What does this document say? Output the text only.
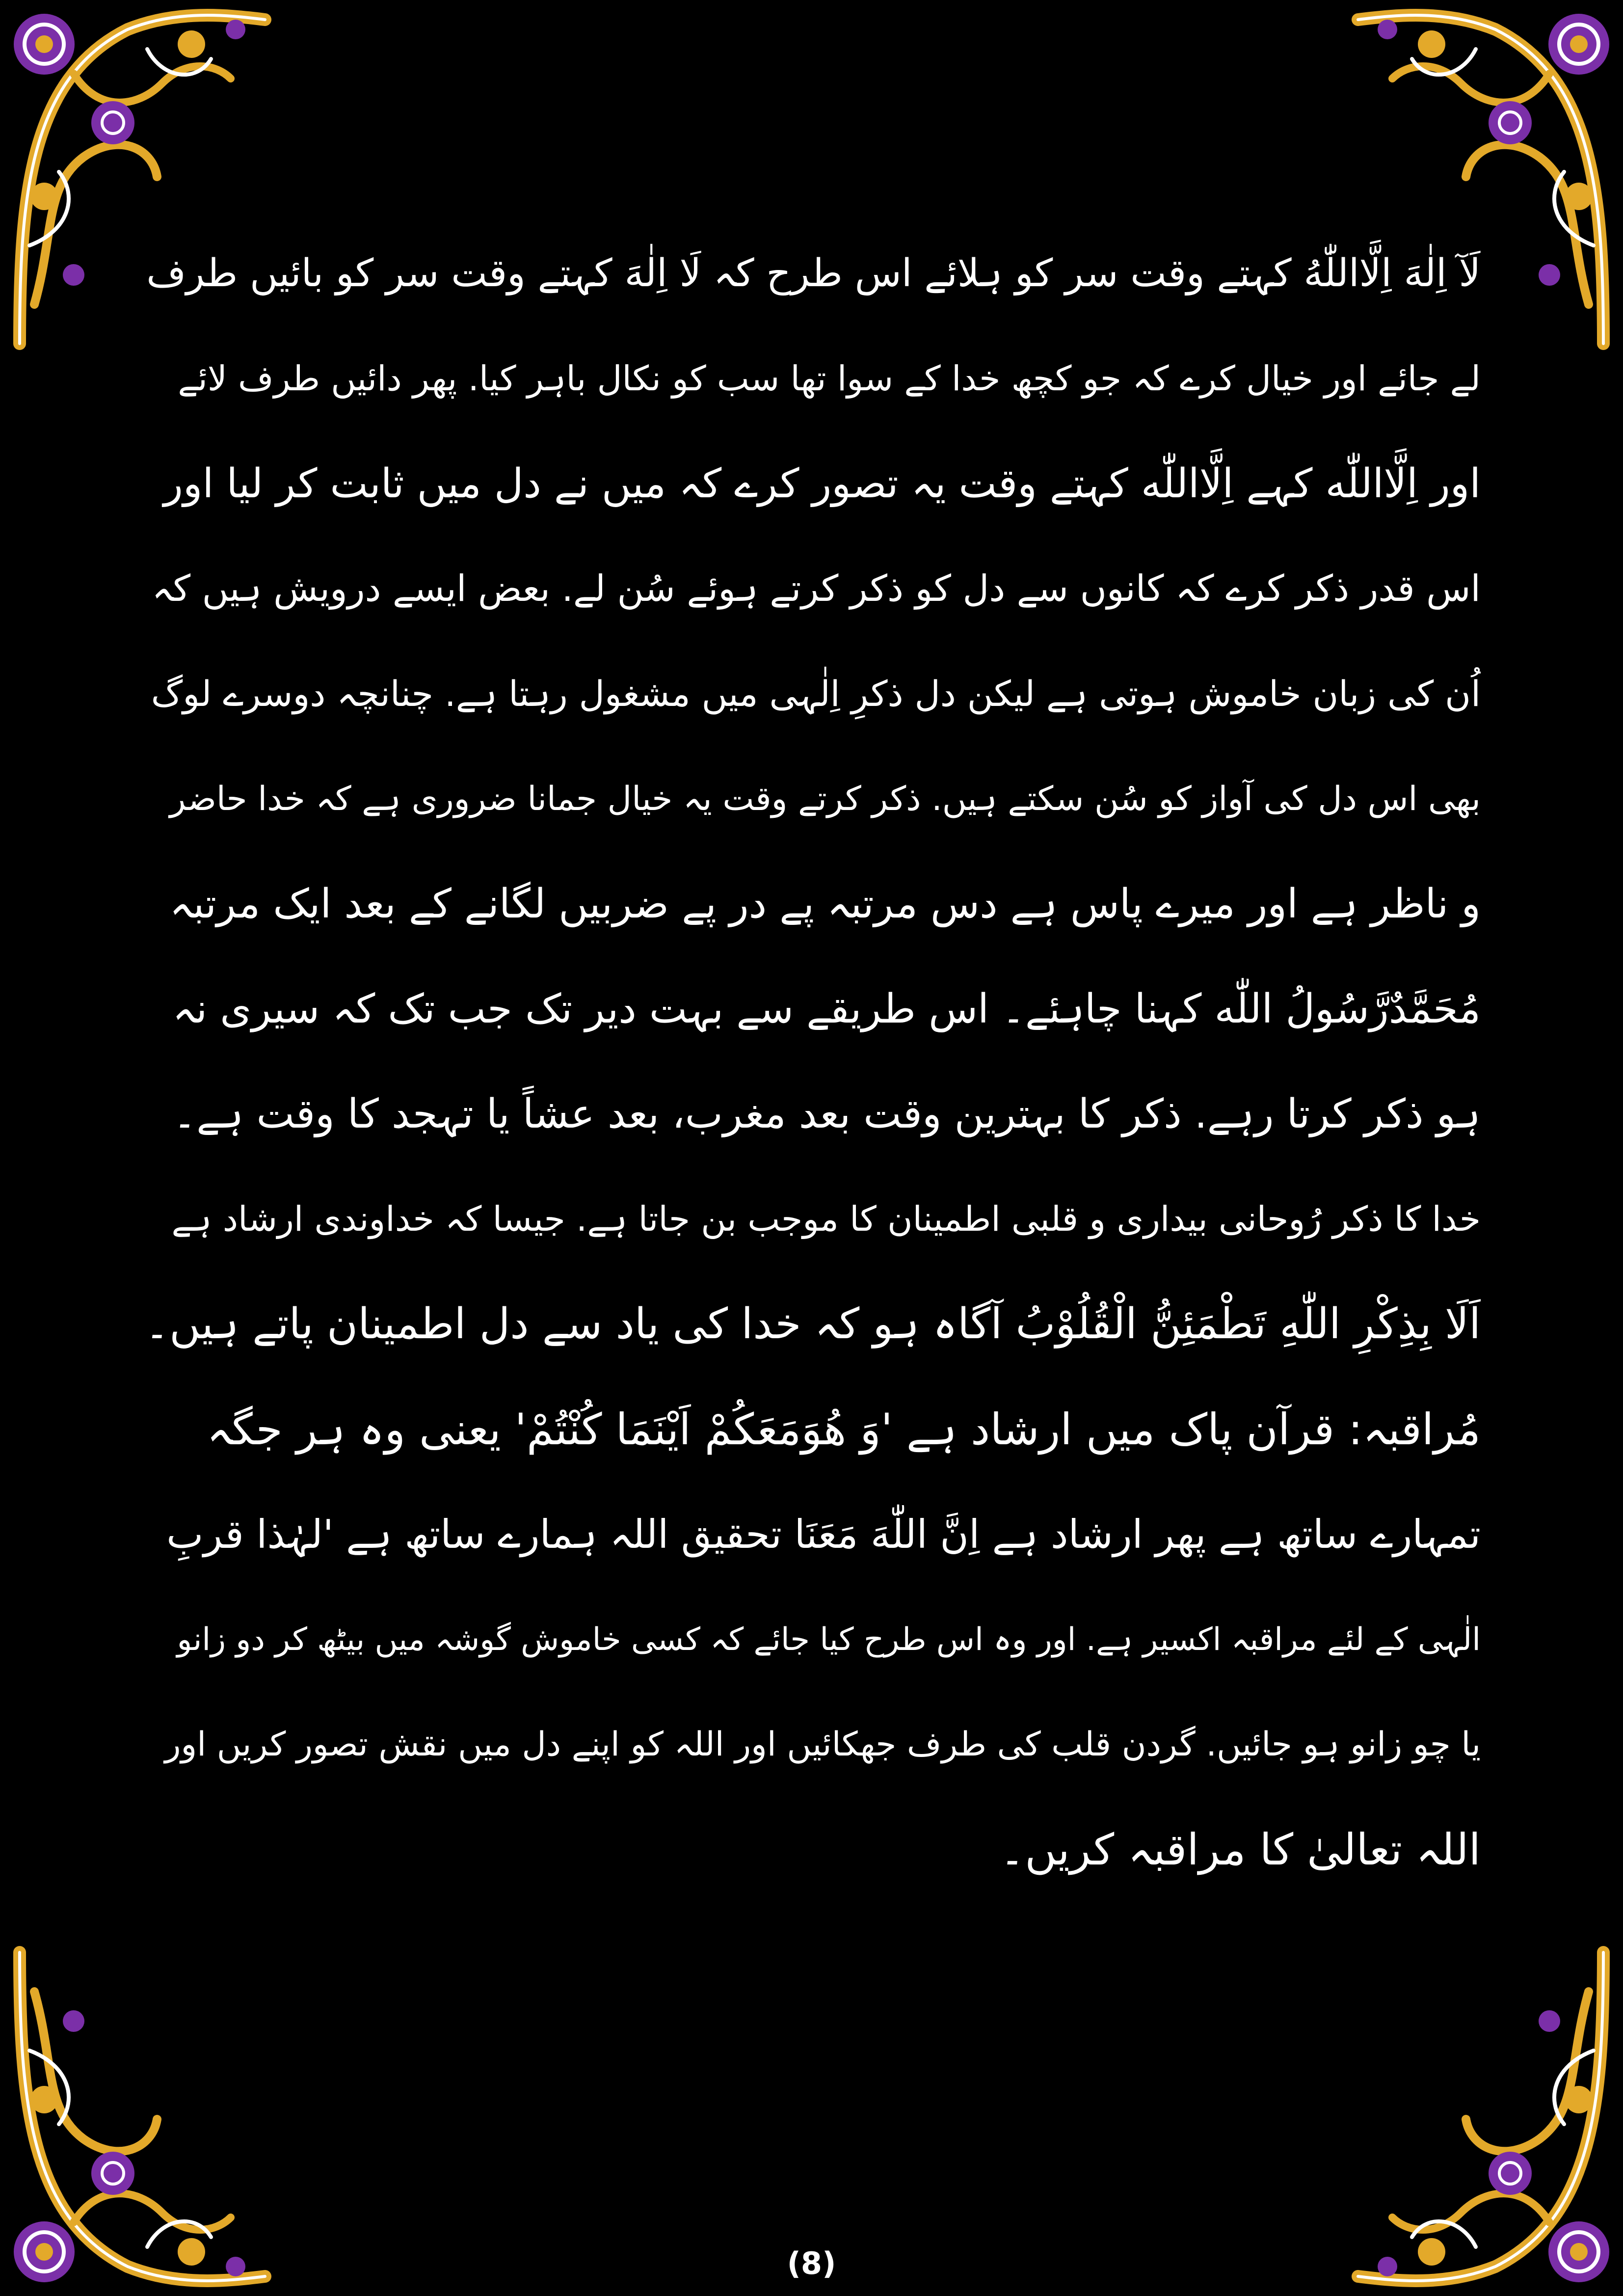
لَآ اِلٰهَ اِلَّااللّٰهُ کہتے وقت سر کو ہلائے اس طرح کہ لَا اِلٰهَ کہتے وقت سر کو بائیں طرف
لے جائے اور خیال کرے کہ جو کچھ خدا کے سوا تھا سب کو نکال باہر کیا. پھر دائیں طرف لائے
اور اِلَّااللّٰه کہے اِلَّااللّٰه کہتے وقت یہ تصور کرے کہ میں نے دل میں ثابت کر لیا اور
اس قدر ذکر کرے کہ کانوں سے دل کو ذکر کرتے ہوئے سُن لے. بعض ایسے درویش ہیں کہ
اُن کی زبان خاموش ہوتی ہے لیکن دل ذکرِ اِلٰہی میں مشغول رہتا ہے. چنانچہ دوسرے لوگ
بھی اس دل کی آواز کو سُن سکتے ہیں. ذکر کرتے وقت یہ خیال جمانا ضروری ہے کہ خدا حاضر
و ناظر ہے اور میرے پاس ہے دس مرتبہ پے در پے ضربیں لگانے کے بعد ایک مرتبہ
مُحَمَّدٌرَّسُولُ اللّٰه کہنا چاہئے۔ اس طریقے سے بہت دیر تک جب تک کہ سیری نہ
ہو ذکر کرتا رہے. ذکر کا بہترین وقت بعد مغرب، بعد عشاً یا تہجد کا وقت ہے۔
خدا کا ذکر رُوحانی بیداری و قلبی اطمینان کا موجب بن جاتا ہے. جیسا کہ خداوندی ارشاد ہے
اَلَا بِذِکْرِ اللّٰهِ تَطْمَئِنُّ الْقُلُوْبُ آگاہ ہو کہ خدا کی یاد سے دل اطمینان پاتے ہیں۔
مُراقبہ: قرآن پاک میں ارشاد ہے 'وَ هُوَمَعَکُمْ اَیْنَمَا کُنْتُمْ' یعنی وہ ہر جگہ
تمہارے ساتھ ہے پھر ارشاد ہے اِنَّ اللّٰهَ مَعَنَا تحقیق اللہ ہمارے ساتھ ہے 'لہٰذا قربِ
الٰہی کے لئے مراقبہ اکسیر ہے. اور وہ اس طرح کیا جائے کہ کسی خاموش گوشہ میں بیٹھ کر دو زانو
یا چو زانو ہو جائیں. گردن قلب کی طرف جھکائیں اور اللہ کو اپنے دل میں نقش تصور کریں اور
اللہ تعالیٰ کا مراقبہ کریں۔
(8)
